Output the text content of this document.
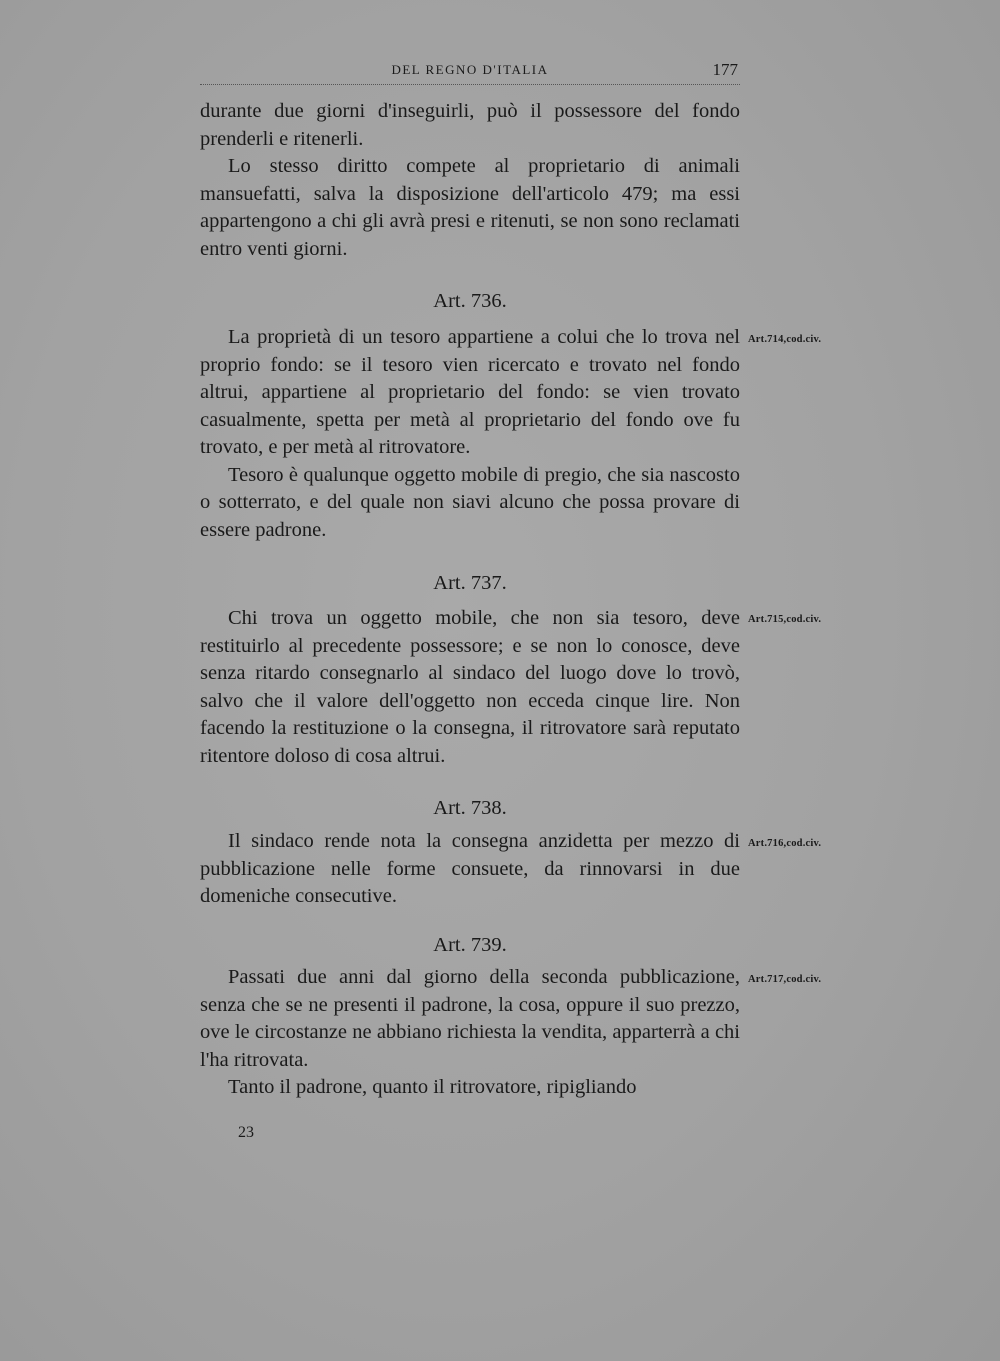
DEL REGNO D'ITALIA	177

durante due giorni d'inseguirli, può il possessore del fondo prenderli e ritenerli.

Lo stesso diritto compete al proprietario di animali mansuefatti, salva la disposizione dell'articolo 479; ma essi appartengono a chi gli avrà presi e ritenuti, se non sono reclamati entro venti giorni.

Art. 736.
Art.714,cod.civ.

La proprietà di un tesoro appartiene a colui che lo trova nel proprio fondo: se il tesoro vien ricercato e trovato nel fondo altrui, appartiene al proprietario del fondo: se vien trovato casualmente, spetta per metà al proprietario del fondo ove fu trovato, e per metà al ritrovatore.

Tesoro è qualunque oggetto mobile di pregio, che sia nascosto o sotterrato, e del quale non siavi alcuno che possa provare di essere padrone.

Art. 737.
Art.715,cod.civ.

Chi trova un oggetto mobile, che non sia tesoro, deve restituirlo al precedente possessore; e se non lo conosce, deve senza ritardo consegnarlo al sindaco del luogo dove lo trovò, salvo che il valore dell'oggetto non ecceda cinque lire. Non facendo la restituzione o la consegna, il ritrovatore sarà reputato ritentore doloso di cosa altrui.

Art. 738.
Art.716,cod.civ.

Il sindaco rende nota la consegna anzidetta per mezzo di pubblicazione nelle forme consuete, da rinnovarsi in due domeniche consecutive.

Art. 739.
Art.717,cod.civ.

Passati due anni dal giorno della seconda pubblicazione, senza che se ne presenti il padrone, la cosa, oppure il suo prezzo, ove le circostanze ne abbiano richiesta la vendita, apparterrà a chi l'ha ritrovata.

Tanto il padrone, quanto il ritrovatore, ripigliando

23
